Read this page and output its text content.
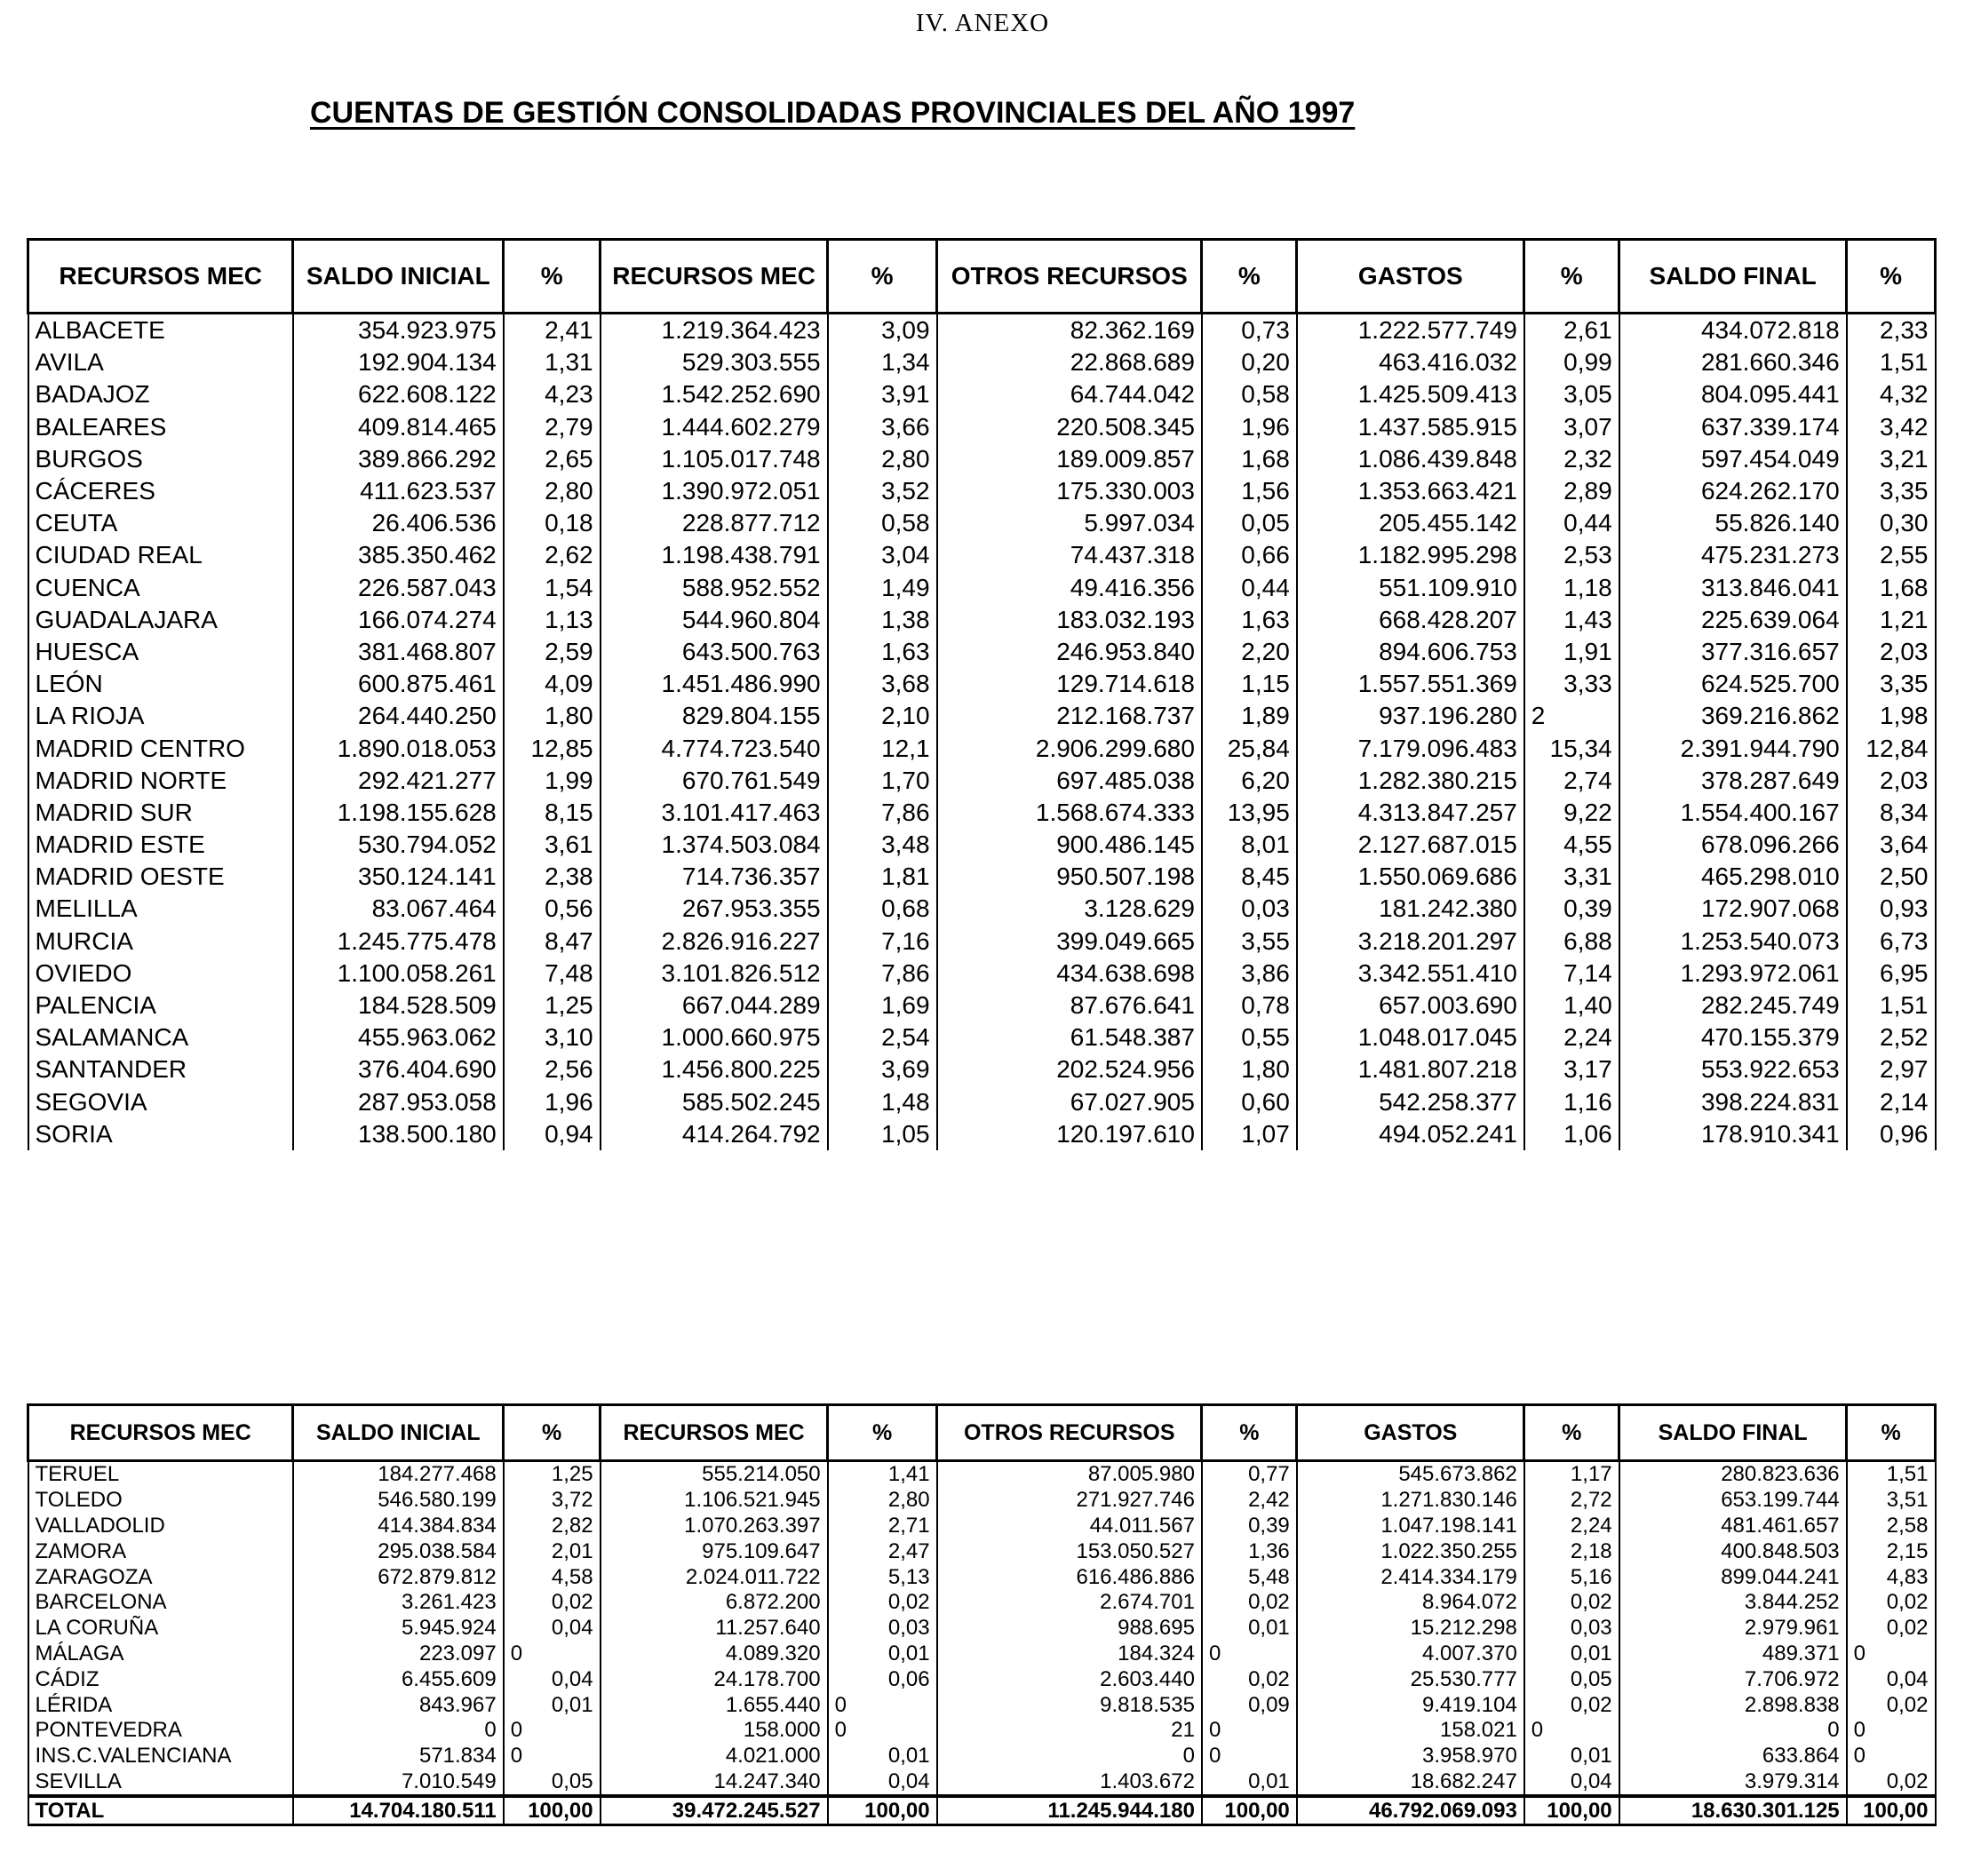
IV. ANEXO
CUENTAS DE GESTIÓN CONSOLIDADAS PROVINCIALES DEL AÑO 1997
RECURSOS MEC	SALDO INICIAL	%	RECURSOS MEC	%	OTROS RECURSOS	%	GASTOS	%	SALDO FINAL	%
ALBACETE	354.923.975	2,41	1.219.364.423	3,09	82.362.169	0,73	1.222.577.749	2,61	434.072.818	2,33
AVILA	192.904.134	1,31	529.303.555	1,34	22.868.689	0,20	463.416.032	0,99	281.660.346	1,51
BADAJOZ	622.608.122	4,23	1.542.252.690	3,91	64.744.042	0,58	1.425.509.413	3,05	804.095.441	4,32
BALEARES	409.814.465	2,79	1.444.602.279	3,66	220.508.345	1,96	1.437.585.915	3,07	637.339.174	3,42
BURGOS	389.866.292	2,65	1.105.017.748	2,80	189.009.857	1,68	1.086.439.848	2,32	597.454.049	3,21
CÁCERES	411.623.537	2,80	1.390.972.051	3,52	175.330.003	1,56	1.353.663.421	2,89	624.262.170	3,35
CEUTA	26.406.536	0,18	228.877.712	0,58	5.997.034	0,05	205.455.142	0,44	55.826.140	0,30
CIUDAD REAL	385.350.462	2,62	1.198.438.791	3,04	74.437.318	0,66	1.182.995.298	2,53	475.231.273	2,55
CUENCA	226.587.043	1,54	588.952.552	1,49	49.416.356	0,44	551.109.910	1,18	313.846.041	1,68
GUADALAJARA	166.074.274	1,13	544.960.804	1,38	183.032.193	1,63	668.428.207	1,43	225.639.064	1,21
HUESCA	381.468.807	2,59	643.500.763	1,63	246.953.840	2,20	894.606.753	1,91	377.316.657	2,03
LEÓN	600.875.461	4,09	1.451.486.990	3,68	129.714.618	1,15	1.557.551.369	3,33	624.525.700	3,35
LA RIOJA	264.440.250	1,80	829.804.155	2,10	212.168.737	1,89	937.196.280	2	369.216.862	1,98
MADRID CENTRO	1.890.018.053	12,85	4.774.723.540	12,1	2.906.299.680	25,84	7.179.096.483	15,34	2.391.944.790	12,84
MADRID NORTE	292.421.277	1,99	670.761.549	1,70	697.485.038	6,20	1.282.380.215	2,74	378.287.649	2,03
MADRID SUR	1.198.155.628	8,15	3.101.417.463	7,86	1.568.674.333	13,95	4.313.847.257	9,22	1.554.400.167	8,34
MADRID ESTE	530.794.052	3,61	1.374.503.084	3,48	900.486.145	8,01	2.127.687.015	4,55	678.096.266	3,64
MADRID OESTE	350.124.141	2,38	714.736.357	1,81	950.507.198	8,45	1.550.069.686	3,31	465.298.010	2,50
MELILLA	83.067.464	0,56	267.953.355	0,68	3.128.629	0,03	181.242.380	0,39	172.907.068	0,93
MURCIA	1.245.775.478	8,47	2.826.916.227	7,16	399.049.665	3,55	3.218.201.297	6,88	1.253.540.073	6,73
OVIEDO	1.100.058.261	7,48	3.101.826.512	7,86	434.638.698	3,86	3.342.551.410	7,14	1.293.972.061	6,95
PALENCIA	184.528.509	1,25	667.044.289	1,69	87.676.641	0,78	657.003.690	1,40	282.245.749	1,51
SALAMANCA	455.963.062	3,10	1.000.660.975	2,54	61.548.387	0,55	1.048.017.045	2,24	470.155.379	2,52
SANTANDER	376.404.690	2,56	1.456.800.225	3,69	202.524.956	1,80	1.481.807.218	3,17	553.922.653	2,97
SEGOVIA	287.953.058	1,96	585.502.245	1,48	67.027.905	0,60	542.258.377	1,16	398.224.831	2,14
SORIA	138.500.180	0,94	414.264.792	1,05	120.197.610	1,07	494.052.241	1,06	178.910.341	0,96
RECURSOS MEC	SALDO INICIAL	%	RECURSOS MEC	%	OTROS RECURSOS	%	GASTOS	%	SALDO FINAL	%
TERUEL	184.277.468	1,25	555.214.050	1,41	87.005.980	0,77	545.673.862	1,17	280.823.636	1,51
TOLEDO	546.580.199	3,72	1.106.521.945	2,80	271.927.746	2,42	1.271.830.146	2,72	653.199.744	3,51
VALLADOLID	414.384.834	2,82	1.070.263.397	2,71	44.011.567	0,39	1.047.198.141	2,24	481.461.657	2,58
ZAMORA	295.038.584	2,01	975.109.647	2,47	153.050.527	1,36	1.022.350.255	2,18	400.848.503	2,15
ZARAGOZA	672.879.812	4,58	2.024.011.722	5,13	616.486.886	5,48	2.414.334.179	5,16	899.044.241	4,83
BARCELONA	3.261.423	0,02	6.872.200	0,02	2.674.701	0,02	8.964.072	0,02	3.844.252	0,02
LA CORUÑA	5.945.924	0,04	11.257.640	0,03	988.695	0,01	15.212.298	0,03	2.979.961	0,02
MÁLAGA	223.097	0	4.089.320	0,01	184.324	0	4.007.370	0,01	489.371	0
CÁDIZ	6.455.609	0,04	24.178.700	0,06	2.603.440	0,02	25.530.777	0,05	7.706.972	0,04
LÉRIDA	843.967	0,01	1.655.440	0	9.818.535	0,09	9.419.104	0,02	2.898.838	0,02
PONTEVEDRA	0	0	158.000	0	21	0	158.021	0	0	0
INS.C.VALENCIANA	571.834	0	4.021.000	0,01	0	0	3.958.970	0,01	633.864	0
SEVILLA	7.010.549	0,05	14.247.340	0,04	1.403.672	0,01	18.682.247	0,04	3.979.314	0,02
TOTAL	14.704.180.511	100,00	39.472.245.527	100,00	11.245.944.180	100,00	46.792.069.093	100,00	18.630.301.125	100,00
